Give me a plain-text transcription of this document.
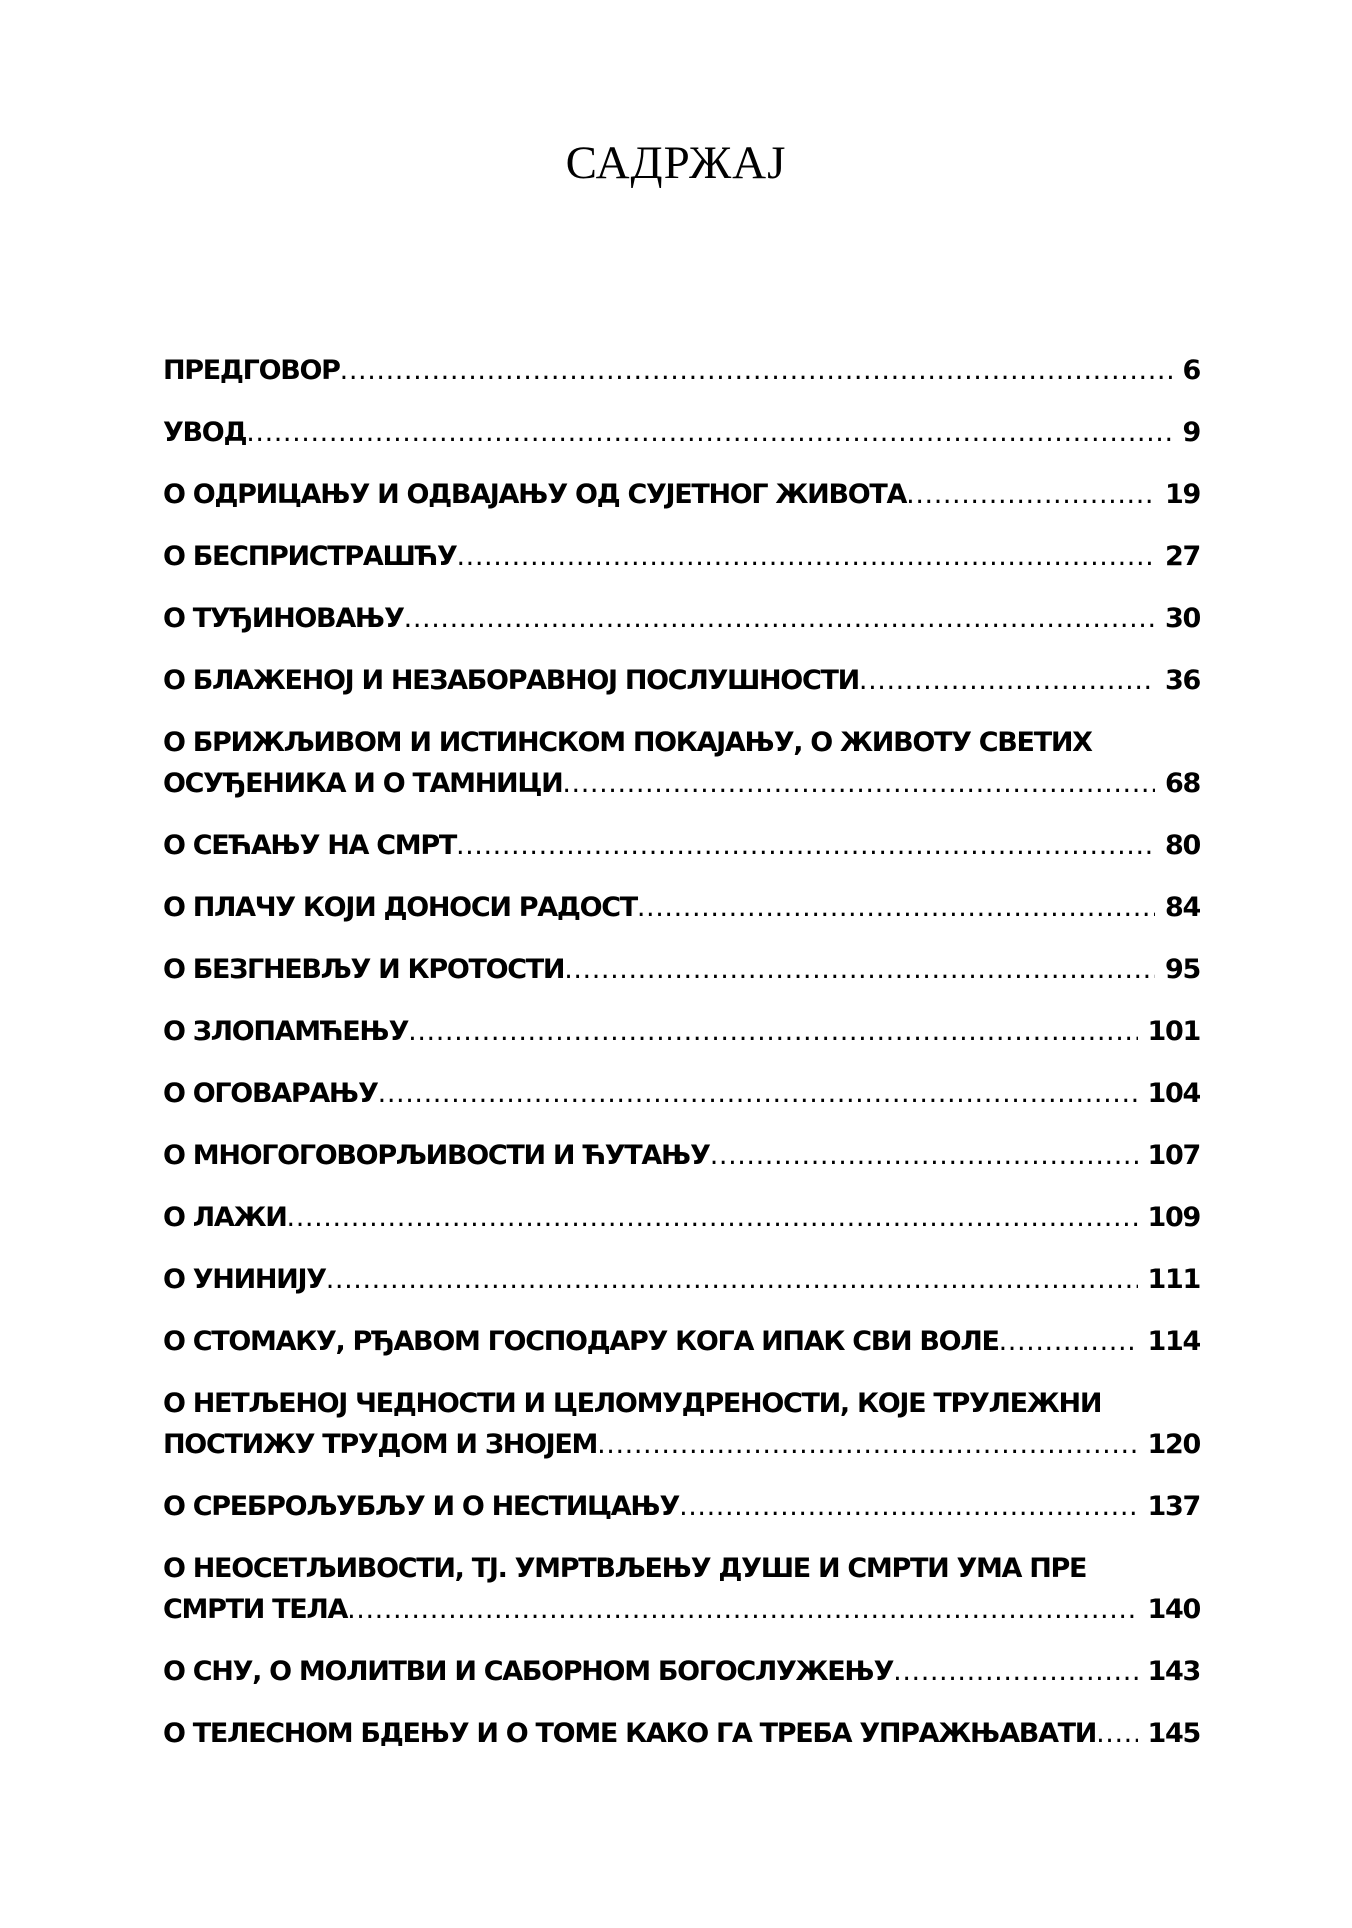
САДРЖАЈ
ПРЕДГОВОР .....	6
УВОД .....	9
О ОДРИЦАЊУ И ОДВАЈАЊУ ОД СУЈЕТНОГ ЖИВОТА .....	19
О БЕСПРИСТРАШЋУ .....	27
О ТУЂИНОВАЊУ .....	30
О БЛАЖЕНОЈ И НЕЗАБОРАВНОЈ ПОСЛУШНОСТИ .....	36
О БРИЖЉИВОМ И ИСТИНСКОМ ПОКАЈАЊУ, О ЖИВОТУ СВЕТИХ
ОСУЂЕНИКА И О ТАМНИЦИ .....	68
О СЕЋАЊУ НА СМРТ .....	80
О ПЛАЧУ КОЈИ ДОНОСИ РАДОСТ .....	84
О БЕЗГНЕВЉУ И КРОТОСТИ .....	95
О ЗЛОПАМЋЕЊУ .....	101
О ОГОВАРАЊУ .....	104
О МНОГОГОВОРЉИВОСТИ И ЋУТАЊУ .....	107
О ЛАЖИ .....	109
О УНИНИЈУ .....	111
О СТОМАКУ, РЂАВОМ ГОСПОДАРУ КОГА ИПАК СВИ ВОЛЕ .....	114
О НЕТЉЕНОЈ ЧЕДНОСТИ И ЦЕЛОМУДРЕНОСТИ, КОЈЕ ТРУЛЕЖНИ
ПОСТИЖУ ТРУДОМ И ЗНОЈЕМ .....	120
О СРЕБРОЉУБЉУ И О НЕСТИЦАЊУ .....	137
О НЕОСЕТЉИВОСТИ, ТЈ. УМРТВЉЕЊУ ДУШЕ И СМРТИ УМА ПРЕ
СМРТИ ТЕЛА .....	140
О СНУ, О МОЛИТВИ И САБОРНОМ БОГОСЛУЖЕЊУ .....	143
О ТЕЛЕСНОМ БДЕЊУ И О ТОМЕ КАКО ГА ТРЕБА УПРАЖЊАВАТИ .....	145
